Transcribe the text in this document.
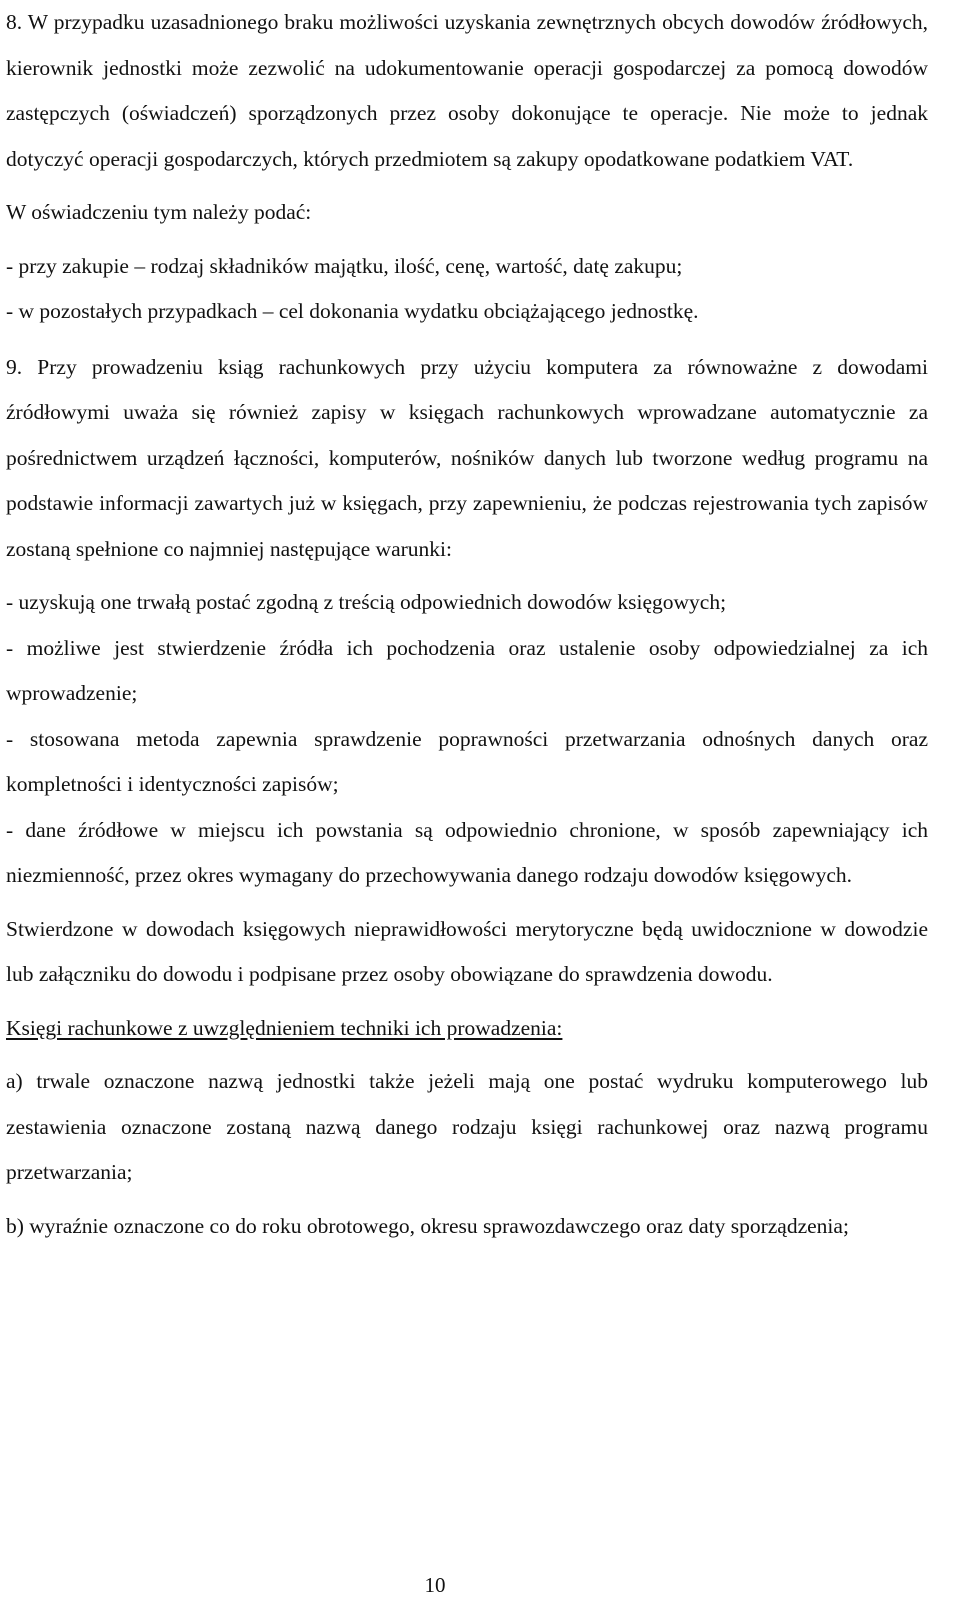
8. W przypadku uzasadnionego braku możliwości uzyskania zewnętrznych obcych dowodów źródłowych, kierownik jednostki może zezwolić na udokumentowanie operacji gospodarczej za pomocą dowodów zastępczych (oświadczeń) sporządzonych przez osoby dokonujące te operacje. Nie może to jednak dotyczyć operacji gospodarczych, których przedmiotem są zakupy opodatkowane podatkiem VAT.

W oświadczeniu tym należy podać:

- przy zakupie – rodzaj składników majątku, ilość, cenę, wartość, datę zakupu;

- w pozostałych przypadkach – cel dokonania wydatku obciążającego jednostkę.

9. Przy prowadzeniu ksiąg rachunkowych przy użyciu komputera za równoważne z dowodami źródłowymi uważa się również zapisy w księgach rachunkowych wprowadzane automatycznie za pośrednictwem urządzeń łączności, komputerów, nośników danych lub tworzone według programu na podstawie informacji zawartych już w księgach, przy zapewnieniu, że podczas rejestrowania tych zapisów zostaną spełnione co najmniej następujące warunki:

- uzyskują one trwałą postać zgodną z treścią odpowiednich dowodów księgowych;

- możliwe jest stwierdzenie źródła ich pochodzenia oraz ustalenie osoby odpowiedzialnej za ich wprowadzenie;

- stosowana metoda zapewnia sprawdzenie poprawności przetwarzania odnośnych danych oraz kompletności i identyczności zapisów;

- dane źródłowe w miejscu ich powstania są odpowiednio chronione, w sposób zapewniający ich niezmienność, przez okres wymagany do przechowywania danego rodzaju dowodów księgowych.

Stwierdzone w dowodach księgowych nieprawidłowości merytoryczne będą uwidocznione w dowodzie lub załączniku do dowodu i podpisane przez osoby obowiązane do sprawdzenia dowodu.

Księgi rachunkowe z uwzględnieniem techniki ich prowadzenia:

a) trwale oznaczone nazwą jednostki także jeżeli mają one postać wydruku komputerowego lub zestawienia oznaczone zostaną nazwą danego rodzaju księgi rachunkowej oraz nazwą programu przetwarzania;

b) wyraźnie oznaczone co do roku obrotowego, okresu sprawozdawczego oraz daty sporządzenia;

10
